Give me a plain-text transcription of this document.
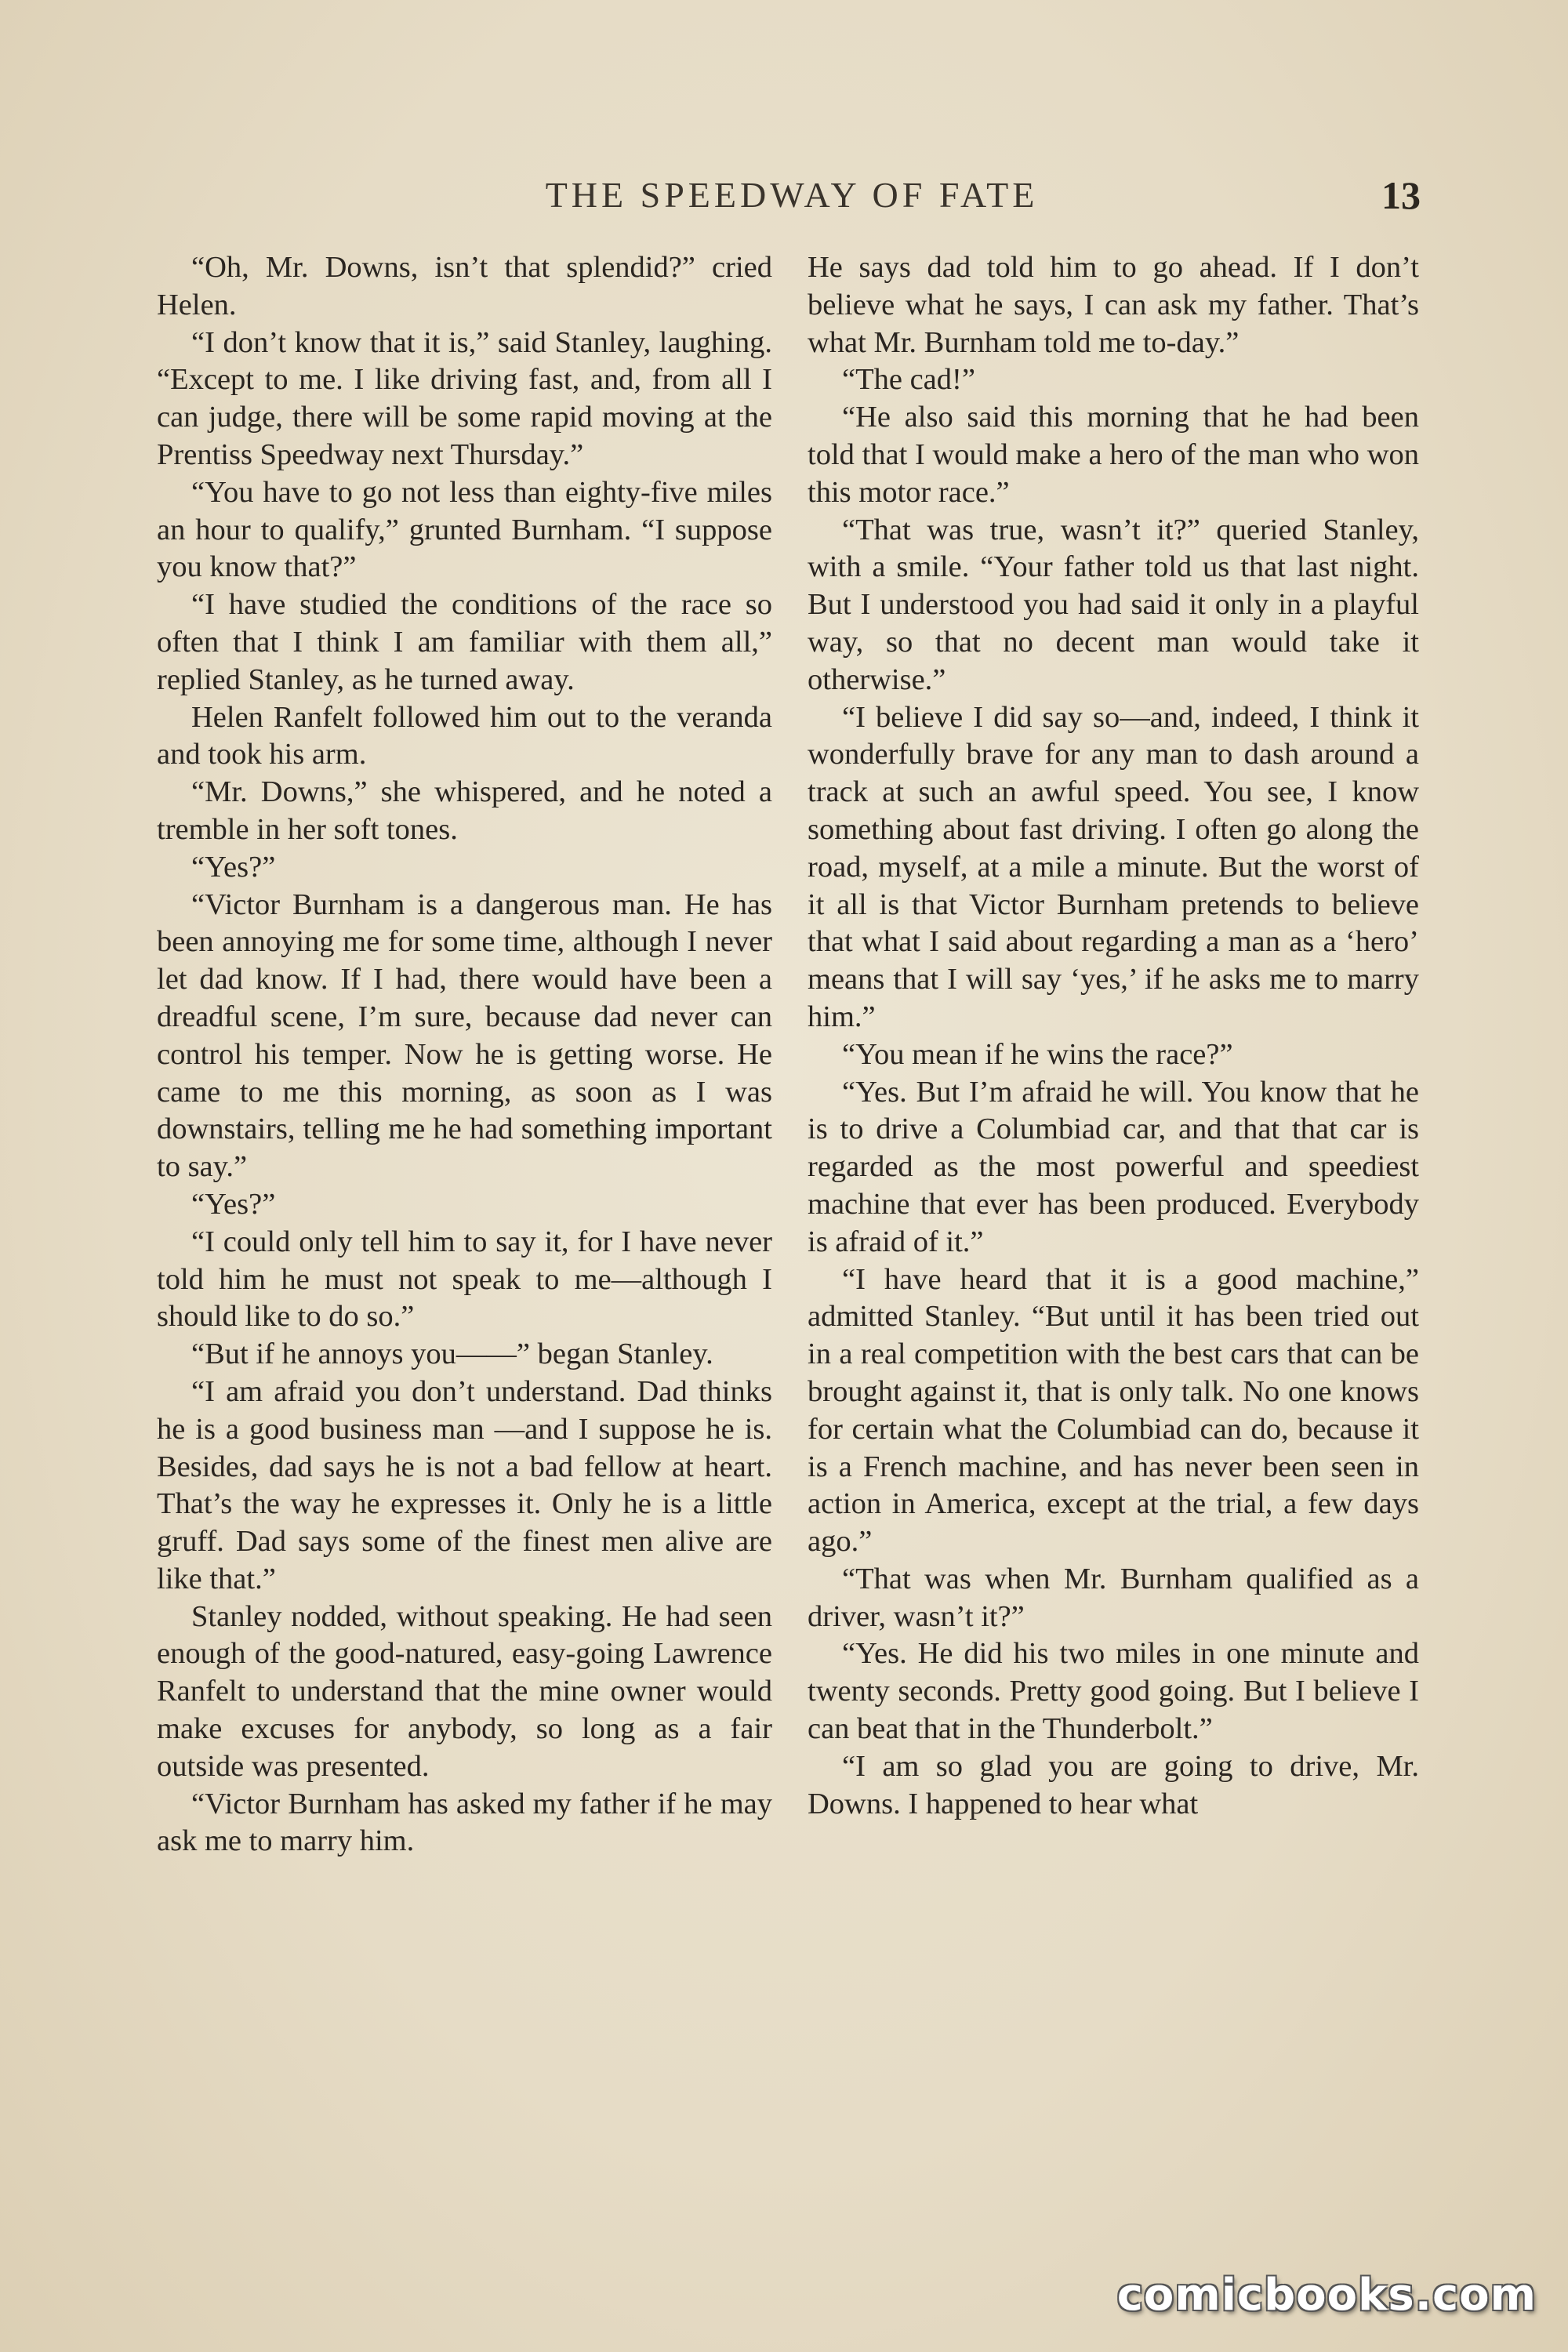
THE SPEEDWAY OF FATE	13

“Oh, Mr. Downs, isn’t that splendid?” cried Helen.

“I don’t know that it is,” said Stanley, laughing. “Except to me. I like driving fast, and, from all I can judge, there will be some rapid moving at the Prentiss Speedway next Thursday.”

“You have to go not less than eighty-five miles an hour to qualify,” grunted Burnham. “I suppose you know that?”

“I have studied the conditions of the race so often that I think I am familiar with them all,” replied Stanley, as he turned away.

Helen Ranfelt followed him out to the veranda and took his arm.

“Mr. Downs,” she whispered, and he noted a tremble in her soft tones.

“Yes?”

“Victor Burnham is a dangerous man. He has been annoying me for some time, although I never let dad know. If I had, there would have been a dreadful scene, I’m sure, because dad never can control his temper. Now he is getting worse. He came to me this morning, as soon as I was downstairs, telling me he had something important to say.”

“Yes?”

“I could only tell him to say it, for I have never told him he must not speak to me—although I should like to do so.”

“But if he annoys you——” began Stanley.

“I am afraid you don’t understand. Dad thinks he is a good business man —and I suppose he is. Besides, dad says he is not a bad fellow at heart. That’s the way he expresses it. Only he is a little gruff. Dad says some of the finest men alive are like that.”

Stanley nodded, without speaking. He had seen enough of the good-natured, easy-going Lawrence Ranfelt to understand that the mine owner would make excuses for anybody, so long as a fair outside was presented.

“Victor Burnham has asked my father if he may ask me to marry him.

He says dad told him to go ahead. If I don’t believe what he says, I can ask my father. That’s what Mr. Burnham told me to-day.”

“The cad!”

“He also said this morning that he had been told that I would make a hero of the man who won this motor race.”

“That was true, wasn’t it?” queried Stanley, with a smile. “Your father told us that last night. But I understood you had said it only in a playful way, so that no decent man would take it otherwise.”

“I believe I did say so—and, indeed, I think it wonderfully brave for any man to dash around a track at such an awful speed. You see, I know something about fast driving. I often go along the road, myself, at a mile a minute. But the worst of it all is that Victor Burnham pretends to believe that what I said about regarding a man as a ‘hero’ means that I will say ‘yes,’ if he asks me to marry him.”

“You mean if he wins the race?”

“Yes. But I’m afraid he will. You know that he is to drive a Columbiad car, and that that car is regarded as the most powerful and speediest machine that ever has been produced. Everybody is afraid of it.”

“I have heard that it is a good machine,” admitted Stanley. “But until it has been tried out in a real competition with the best cars that can be brought against it, that is only talk. No one knows for certain what the Columbiad can do, because it is a French machine, and has never been seen in action in America, except at the trial, a few days ago.”

“That was when Mr. Burnham qualified as a driver, wasn’t it?”

“Yes. He did his two miles in one minute and twenty seconds. Pretty good going. But I believe I can beat that in the Thunderbolt.”

“I am so glad you are going to drive, Mr. Downs. I happened to hear what

comicbooks.com
